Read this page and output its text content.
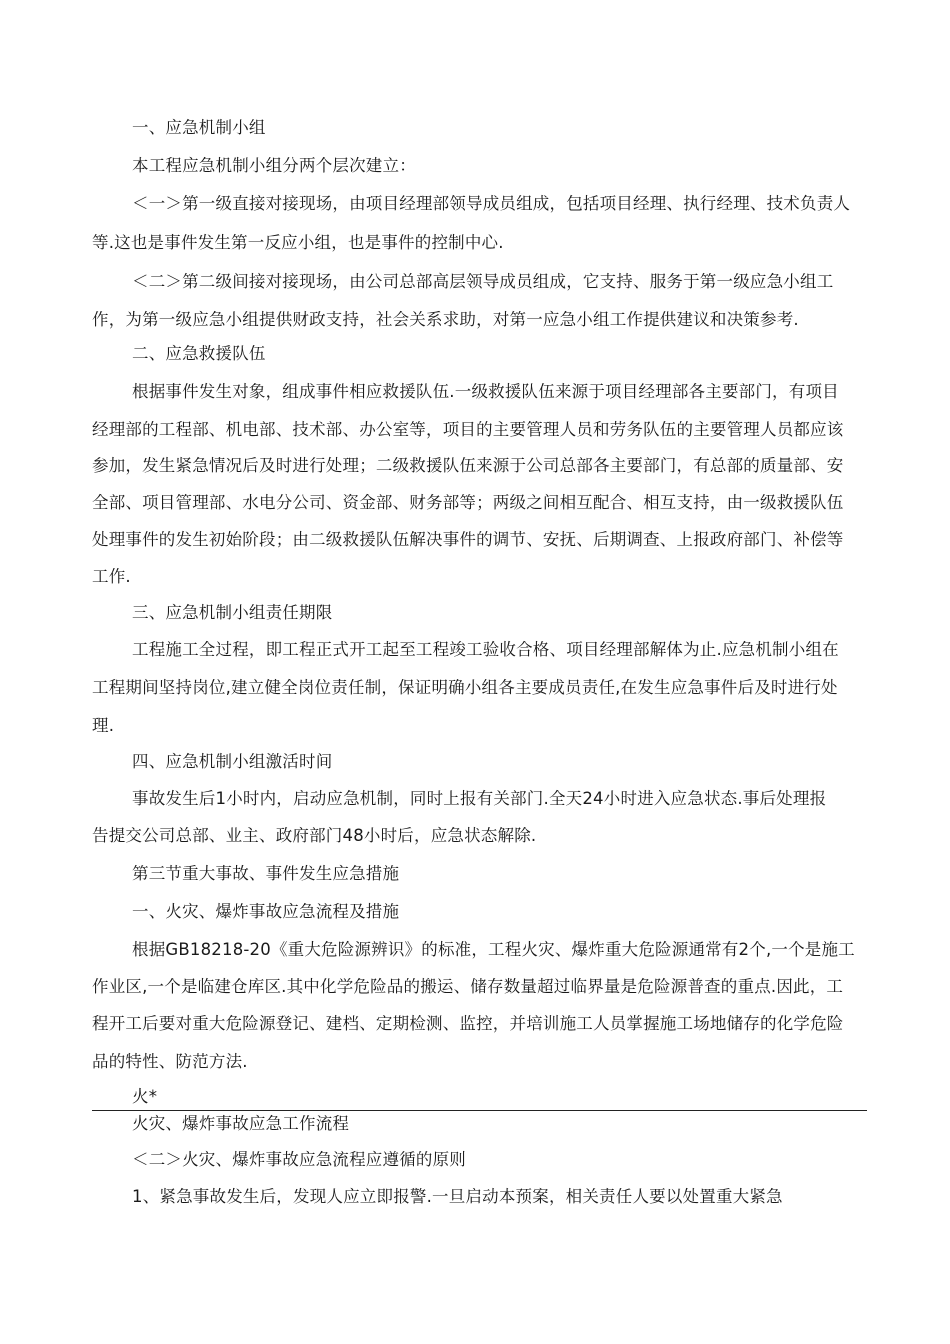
一、应急机制小组
本工程应急机制小组分两个层次建立：
＜一＞第一级直接对接现场，由项目经理部领导成员组成，包括项目经理、执行经理、技术负责人
等.这也是事件发生第一反应小组，也是事件的控制中心.
＜二＞第二级间接对接现场，由公司总部高层领导成员组成，它支持、服务于第一级应急小组工
作，为第一级应急小组提供财政支持，社会关系求助，对第一应急小组工作提供建议和决策参考.
二、应急救援队伍
根据事件发生对象，组成事件相应救援队伍.一级救援队伍来源于项目经理部各主要部门，有项目
经理部的工程部、机电部、技术部、办公室等，项目的主要管理人员和劳务队伍的主要管理人员都应该
参加，发生紧急情况后及时进行处理；二级救援队伍来源于公司总部各主要部门，有总部的质量部、安
全部、项目管理部、水电分公司、资金部、财务部等；两级之间相互配合、相互支持，由一级救援队伍
处理事件的发生初始阶段；由二级救援队伍解决事件的调节、安抚、后期调查、上报政府部门、补偿等
工作.
三、应急机制小组责任期限
工程施工全过程，即工程正式开工起至工程竣工验收合格、项目经理部解体为止.应急机制小组在
工程期间坚持岗位,建立健全岗位责任制，保证明确小组各主要成员责任,在发生应急事件后及时进行处
理.
四、应急机制小组激活时间
事故发生后1小时内，启动应急机制，同时上报有关部门.全天24小时进入应急状态.事后处理报
告提交公司总部、业主、政府部门48小时后，应急状态解除.
第三节重大事故、事件发生应急措施
一、火灾、爆炸事故应急流程及措施
根据GB18218-20《重大危险源辨识》的标准，工程火灾、爆炸重大危险源通常有2个,一个是施工
作业区,一个是临建仓库区.其中化学危险品的搬运、储存数量超过临界量是危险源普查的重点.因此，工
程开工后要对重大危险源登记、建档、定期检测、监控，并培训施工人员掌握施工场地储存的化学危险
品的特性、防范方法.
火*
火灾、爆炸事故应急工作流程
＜二＞火灾、爆炸事故应急流程应遵循的原则
1、紧急事故发生后，发现人应立即报警.一旦启动本预案，相关责任人要以处置重大紧急
